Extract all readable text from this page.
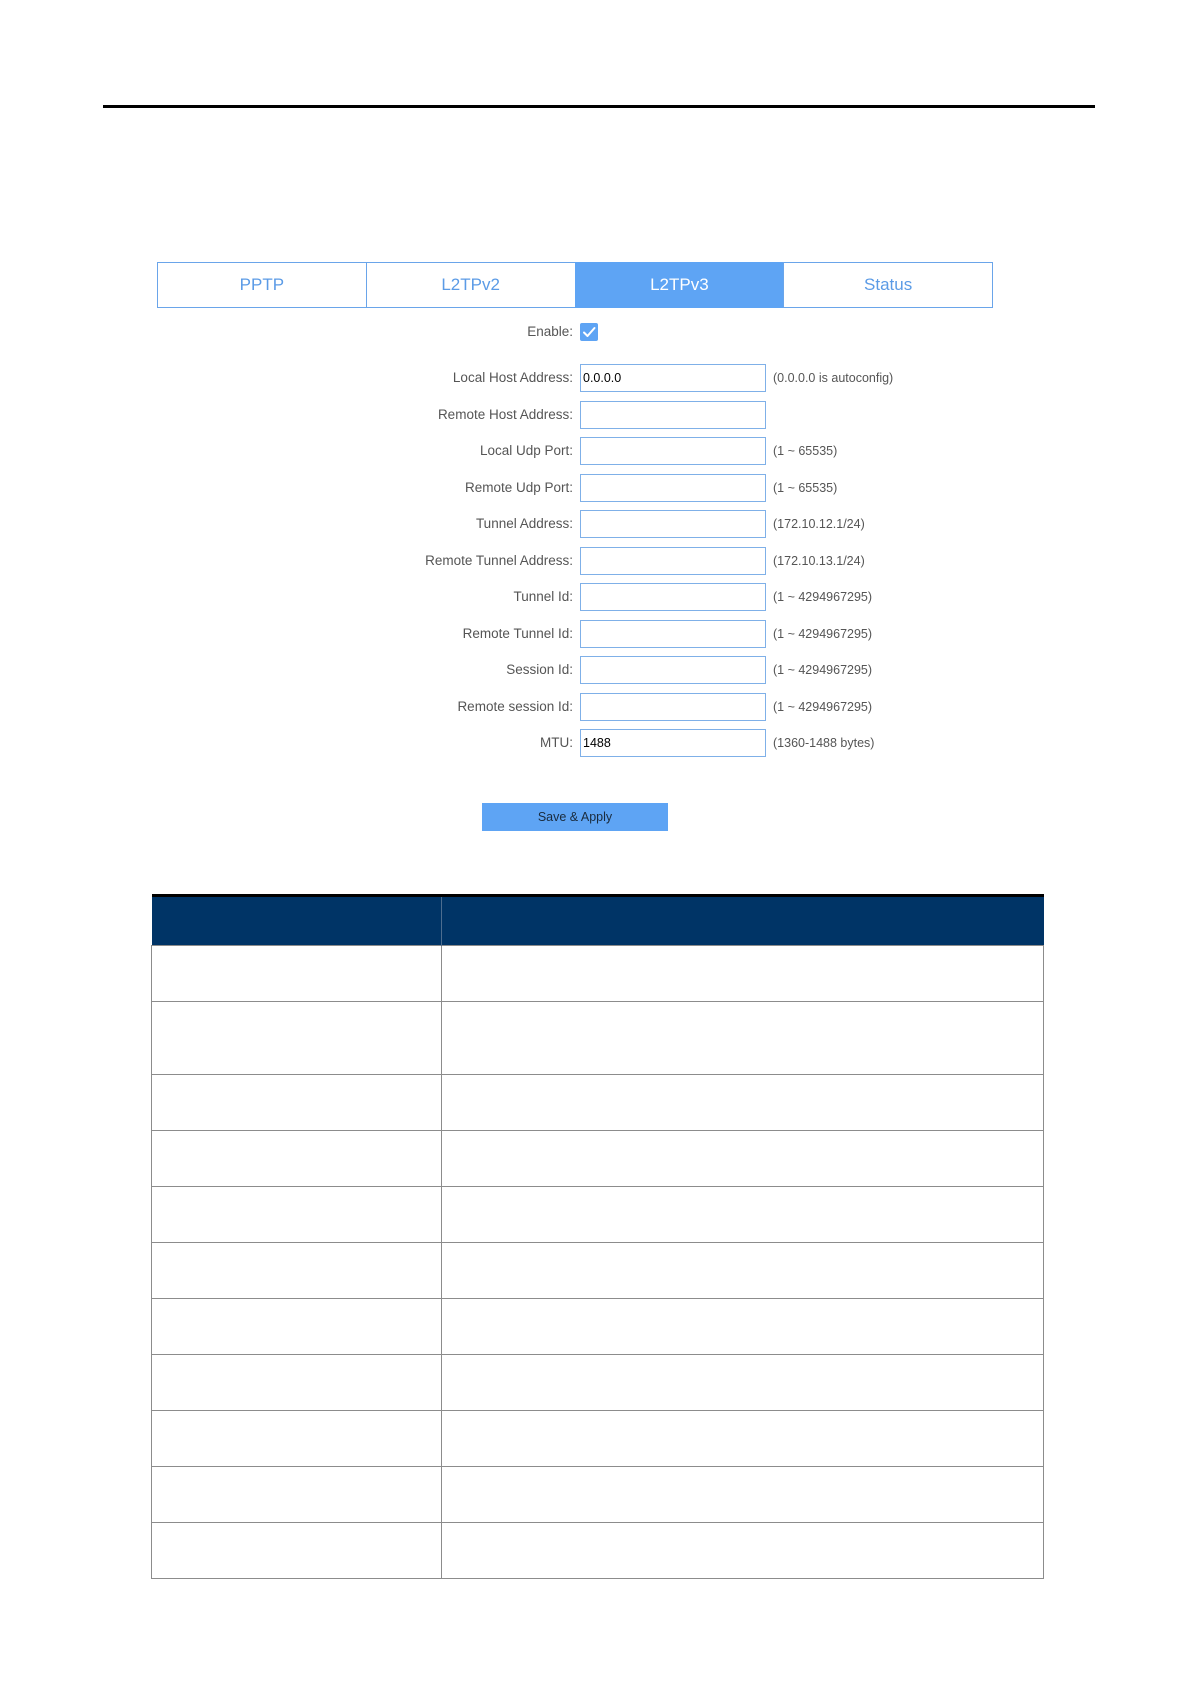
PPTP	L2TPv2	L2TPv3	Status
Enable:
Local Host Address:
0.0.0.0	(0.0.0.0 is autoconfig)
Remote Host Address:
Local Udp Port:	(1 ~ 65535)
Remote Udp Port:	(1 ~ 65535)
Tunnel Address:	(172.10.12.1/24)
Remote Tunnel Address:	(172.10.13.1/24)
Tunnel Id:	(1 ~ 4294967295)
Remote Tunnel Id:	(1 ~ 4294967295)
Session Id:	(1 ~ 4294967295)
Remote session Id:	(1 ~ 4294967295)
MTU:
1488	(1360-1488 bytes)
Save & Apply
